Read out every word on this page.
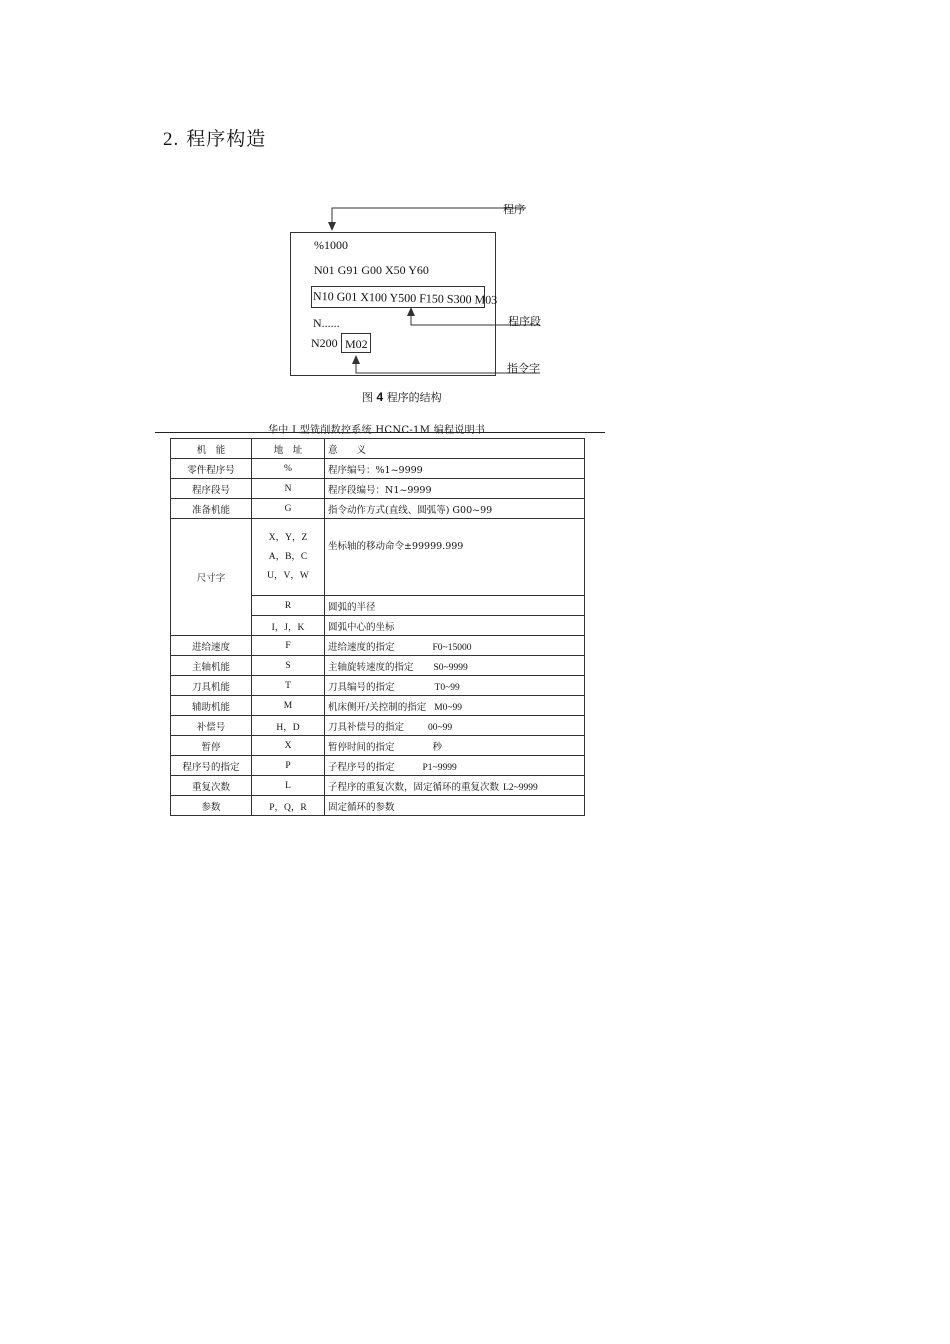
2. 程序构造
%1000
N01 G91 G00 X50 Y60
N10 G01 X100 Y500 F150 S300 M03
N......
N200 M02
程序
程序段
指令字
图 4 程序的结构
华中 I 型铣削数控系统 HCNC-1M 编程说明书
机　能	地　址	意　　义
零件程序号	%	程序编号：%1~9999
程序段号	N	程序段编号：N1~9999
准备机能	G	指令动作方式(直线、圆弧等) G00~99
尺寸字	X，Y，Z
A，B，C
U，V，W	坐标轴的移动命令±99999.999
	R	圆弧的半径
	I，J，K	圆弧中心的坐标
进给速度	F	进给速度的指定 F0~15000
主轴机能	S	主轴旋转速度的指定 S0~9999
刀具机能	T	刀具编号的指定 T0~99
辅助机能	M	机床侧开/关控制的指定 M0~99
补偿号	H，D	刀具补偿号的指定 00~99
暂停	X	暂停时间的指定 秒
程序号的指定	P	子程序号的指定 P1~9999
重复次数	L	子程序的重复次数，固定循环的重复次数 L2~9999
参数	P，Q，R	固定循环的参数
